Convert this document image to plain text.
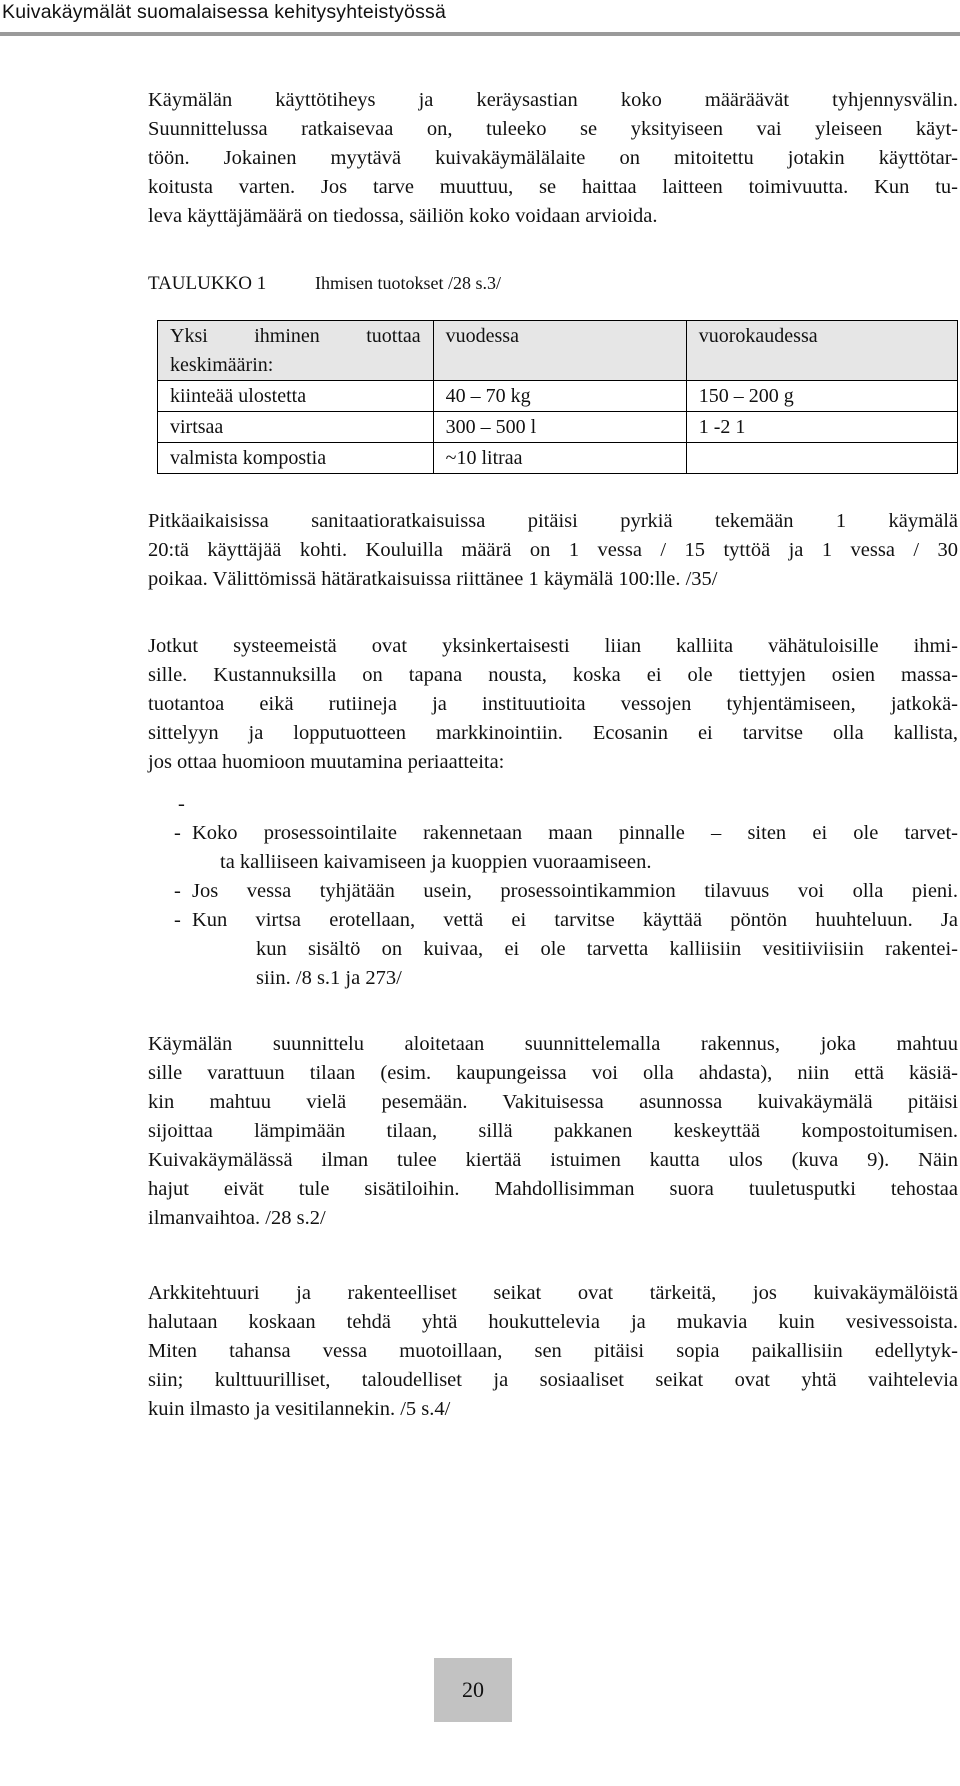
Kuivakäymälät suomalaisessa kehitysyhteistyössä
Käymälän käyttötiheys ja keräysastian koko määräävät tyhjennysvälin.
Suunnittelussa ratkaisevaa on, tuleeko se yksityiseen vai yleiseen käyt-
töön. Jokainen myytävä kuivakäymälälaite on mitoitettu jotakin käyttötar-
koitusta varten. Jos tarve muuttuu, se haittaa laitteen toimivuutta. Kun tu-
leva käyttäjämäärä on tiedossa, säiliön koko voidaan arvioida.
TAULUKKO 1	Ihmisen tuotokset /28 s.3/
Yksi ihminen tuottaa
keskimäärin:	vuodessa	vuorokaudessa
kiinteää ulostetta	40 – 70 kg	150 – 200 g
virtsaa	300 – 500 l	1 -2 1
valmista kompostia	~10 litraa	
Pitkäaikaisissa sanitaatioratkaisuissa pitäisi pyrkiä tekemään 1 käymälä
20:tä käyttäjää kohti. Kouluilla määrä on 1 vessa / 15 tyttöä ja 1 vessa / 30
poikaa. Välittömissä hätäratkaisuissa riittänee 1 käymälä 100:lle. /35/
Jotkut systeemeistä ovat yksinkertaisesti liian kalliita vähätuloisille ihmi-
sille. Kustannuksilla on tapana nousta, koska ei ole tiettyjen osien massa-
tuotantoa eikä rutiineja ja instituutioita vessojen tyhjentämiseen, jatkokä-
sittelyyn ja lopputuotteen markkinointiin. Ecosanin ei tarvitse olla kallista,
jos ottaa huomioon muutamina periaatteita:
-
- Koko prosessointilaite rakennetaan maan pinnalle – siten ei ole tarvet-
ta kalliiseen kaivamiseen ja kuoppien vuoraamiseen.
- Jos vessa tyhjätään usein, prosessointikammion tilavuus voi olla pieni.
- Kun virtsa erotellaan, vettä ei tarvitse käyttää pöntön huuhteluun. Ja
kun sisältö on kuivaa, ei ole tarvetta kalliisiin vesitiiviisiin rakentei-
siin. /8 s.1 ja 273/
Käymälän suunnittelu aloitetaan suunnittelemalla rakennus, joka mahtuu
sille varattuun tilaan (esim. kaupungeissa voi olla ahdasta), niin että käsiä-
kin mahtuu vielä pesemään. Vakituisessa asunnossa kuivakäymälä pitäisi
sijoittaa lämpimään tilaan, sillä pakkanen keskeyttää kompostoitumisen.
Kuivakäymälässä ilman tulee kiertää istuimen kautta ulos (kuva 9). Näin
hajut eivät tule sisätiloihin. Mahdollisimman suora tuuletusputki tehostaa
ilmanvaihtoa. /28 s.2/
Arkkitehtuuri ja rakenteelliset seikat ovat tärkeitä, jos kuivakäymälöistä
halutaan koskaan tehdä yhtä houkuttelevia ja mukavia kuin vesivessoista.
Miten tahansa vessa muotoillaan, sen pitäisi sopia paikallisiin edellytyk-
siin; kulttuurilliset, taloudelliset ja sosiaaliset seikat ovat yhtä vaihtelevia
kuin ilmasto ja vesitilannekin. /5 s.4/
20
